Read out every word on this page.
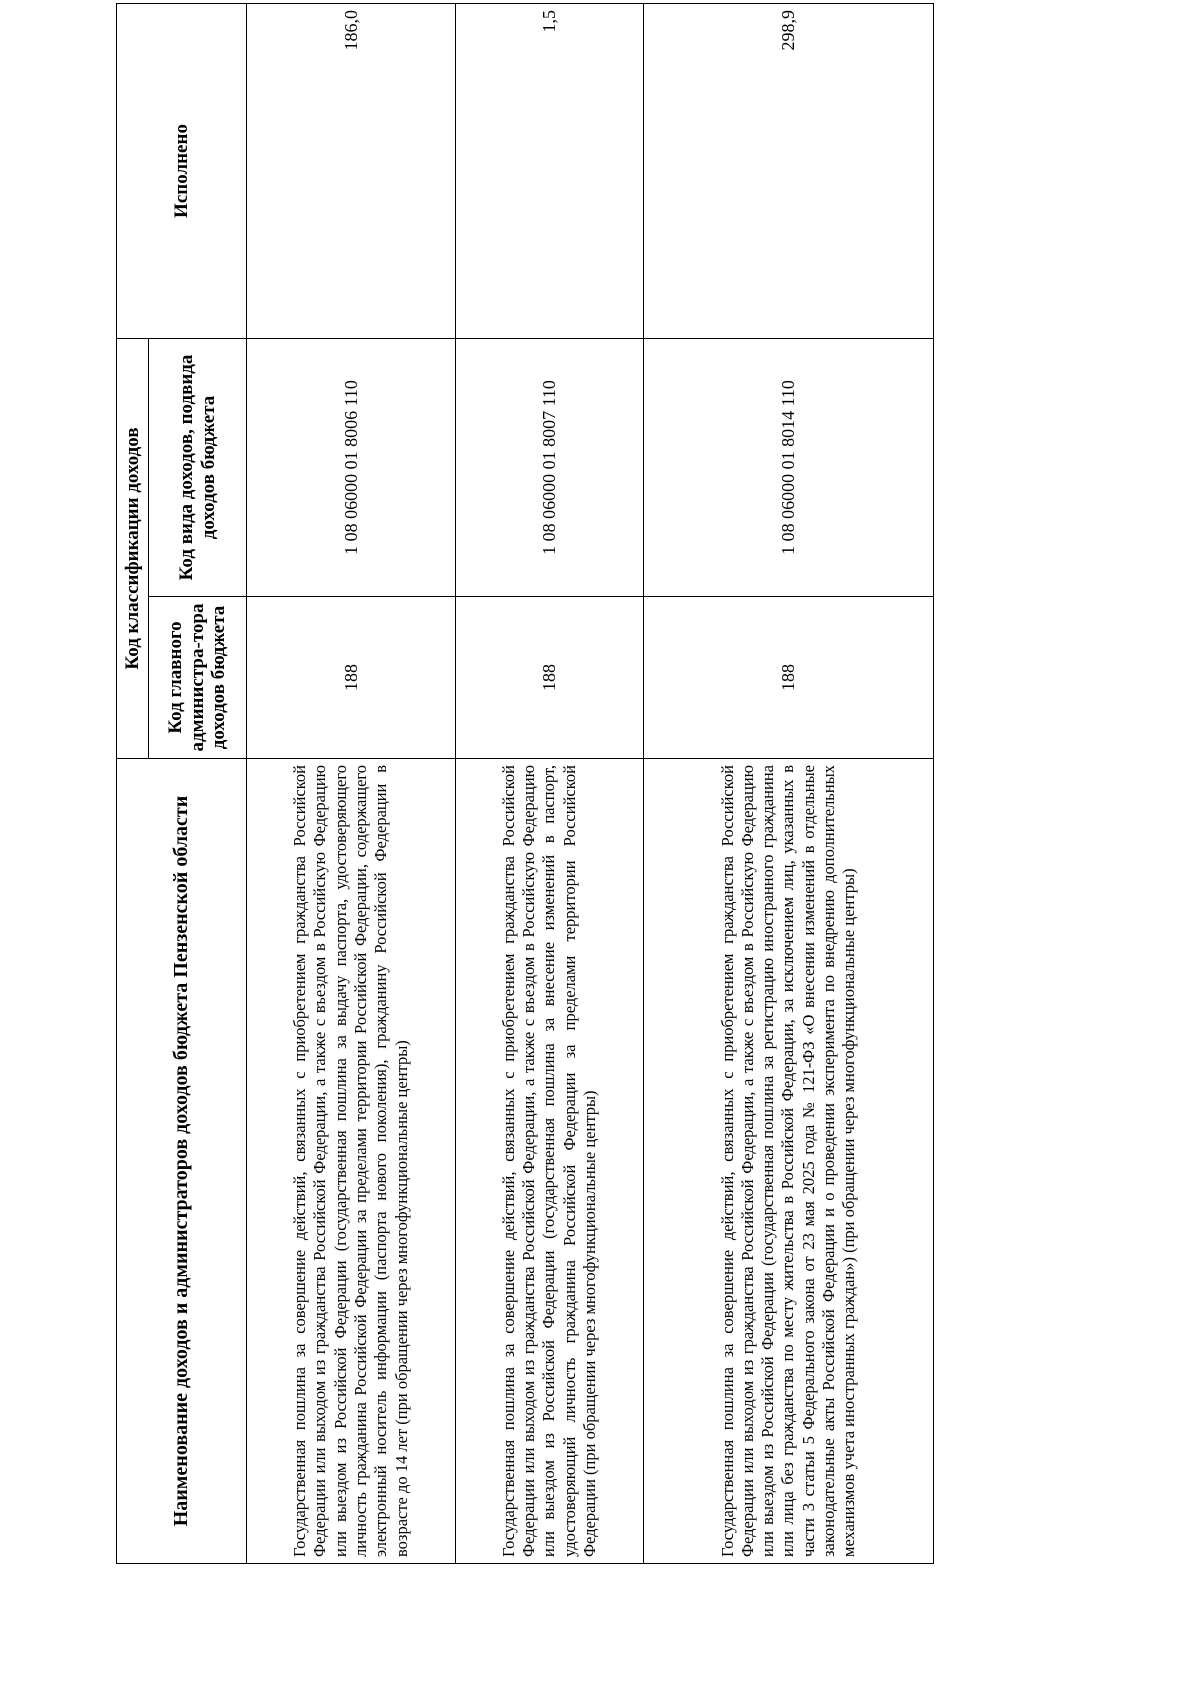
Наименование доходов и администраторов доходов бюджета Пензенской области	Код классификации доходов		Исполнено
	Код главного администра-тора доходов бюджета	Код вида доходов, подвида доходов бюджета	
Государственная пошлина за совершение действий, связанных с приобретением гражданства Российской Федерации или выходом из гражданства Российской Федерации, а также с въездом в Российскую Федерацию или выездом из Российской Федерации (государственная пошлина за выдачу паспорта, удостоверяющего личность гражданина Российской Федерации за пределами территории Российской Федерации, содержащего электронный носитель информации (паспорта нового поколения), гражданину Российской Федерации в возрасте до 14 лет (при обращении через многофункциональные центры)	188	1 08 06000 01 8006 110	186,0
Государственная пошлина за совершение действий, связанных с приобретением гражданства Российской Федерации или выходом из гражданства Российской Федерации, а также с въездом в Российскую Федерацию или выездом из Российской Федерации (государственная пошлина за внесение изменений в паспорт, удостоверяющий личность гражданина Российской Федерации за пределами территории Российской Федерации (при обращении через многофункциональные центры)	188	1 08 06000 01 8007 110	1,5
Государственная пошлина за совершение действий, связанных с приобретением гражданства Российской Федерации или выходом из гражданства Российской Федерации, а также с въездом в Российскую Федерацию или выездом из Российской Федерации (государственная пошлина за регистрацию иностранного гражданина или лица без гражданства по месту жительства в Российской Федерации, за исключением лиц, указанных в части 3 статьи 5 Федерального закона от 23 мая 2025 года № 121-ФЗ «О внесении изменений в отдельные законодательные акты Российской Федерации и о проведении эксперимента по внедрению дополнительных механизмов учета иностранных граждан») (при обращении через многофункциональные центры)	188	1 08 06000 01 8014 110	298,9
